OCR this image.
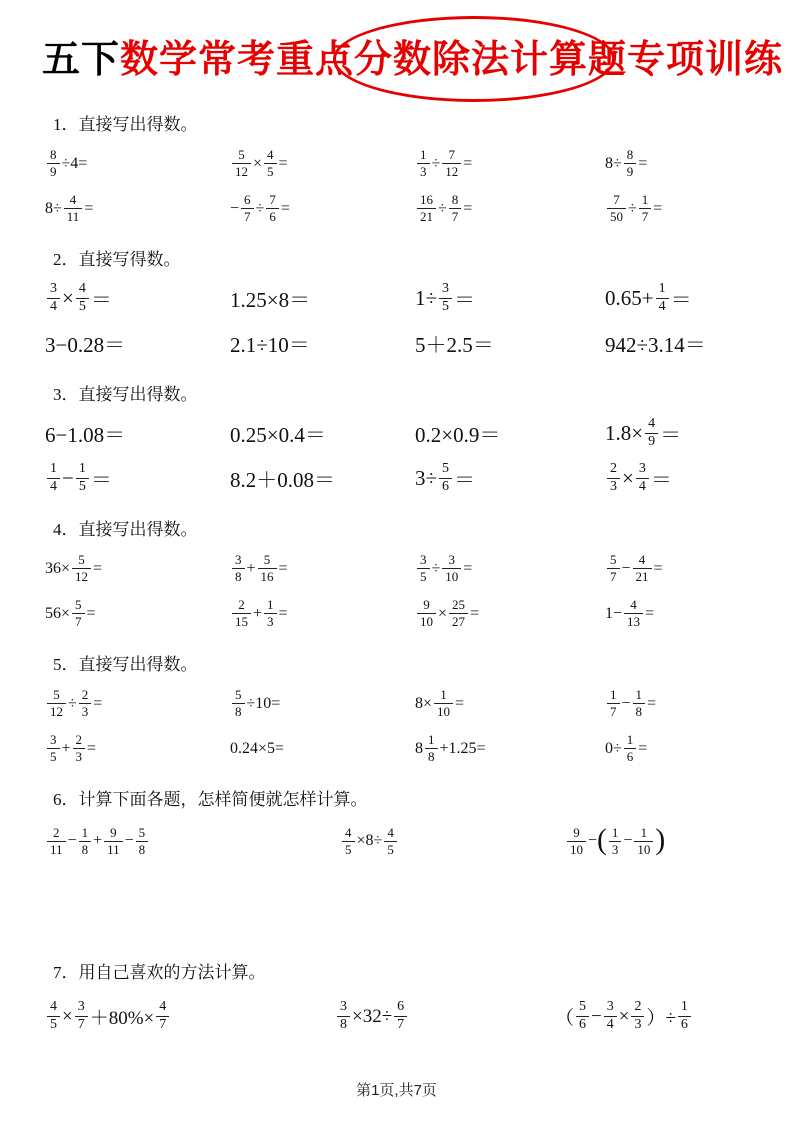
五下数学常考重点分数除法计算题专项训练
1．直接写出得数。
$\frac{8}{9} \div 4=$	$\frac{5}{12} \times \frac{4}{5}$ =	$\frac{1}{3} \div \frac{7}{12}$ =	$8\div \frac{8}{9}$ =
$8\div \frac{4}{11}$ =	− $\frac{6}{7} \div \frac{7}{6}$ =	$\frac{16}{21} \div \frac{8}{7}$ =	$\frac{7}{50} \div \frac{1}{7}$ =
2．直接写得数。
$\frac{3}{4} \times \frac{4}{5}$ ＝	1.25×8＝	$1\div \frac{3}{5}$ ＝	$0.65+ \frac{1}{4}$ ＝
3−0.28＝	2.1÷10＝	5＋2.5＝	942÷3.14＝
3．直接写出得数。
6−1.08＝	0.25×0.4＝	0.2×0.9＝	$1.8\times \frac{4}{9}$ ＝
$\frac{1}{4} - \frac{1}{5}$ ＝	8.2＋0.08＝	$3\div \frac{5}{6}$ ＝	$\frac{2}{3} \times \frac{3}{4}$ ＝
4．直接写出得数。
$36\times \frac{5}{12}$ =	$\frac{3}{8} + \frac{5}{16}$ =	$\frac{3}{5} \div \frac{3}{10}$ =	$\frac{5}{7} - \frac{4}{21}$ =
$56\times \frac{5}{7}$ =	$\frac{2}{15} + \frac{1}{3}$ =	$\frac{9}{10} \times \frac{25}{27}$ =	$1- \frac{4}{13}$ =
5．直接写出得数。
$\frac{5}{12} \div \frac{2}{3}$ =	$\frac{5}{8} \div 10=$	$8\times \frac{1}{10}$ =	$\frac{1}{7} - \frac{1}{8}$ =
$\frac{3}{5} + \frac{2}{3}$ =	0.24×5=	$8 \frac{1}{8} +1.25=$	$0\div \frac{1}{6}$ =
6．计算下面各题，怎样简便就怎样计算。
$\frac{2}{11} - \frac{1}{8} + \frac{9}{11} - \frac{5}{8}$	$\frac{4}{5} \times 8\div \frac{4}{5}$	$\frac{9}{10}$ − ( $\frac{1}{3} - \frac{1}{10}$ )
7．用自己喜欢的方法计算。
$\frac{4}{5} \times \frac{3}{7} +80\%\times \frac{4}{7}$	$\frac{3}{8} \times 32\div \frac{6}{7}$	（ $\frac{5}{6} - \frac{3}{4} \times \frac{2}{3}$ ）÷ $\frac{1}{6}$
第1页,共7页
